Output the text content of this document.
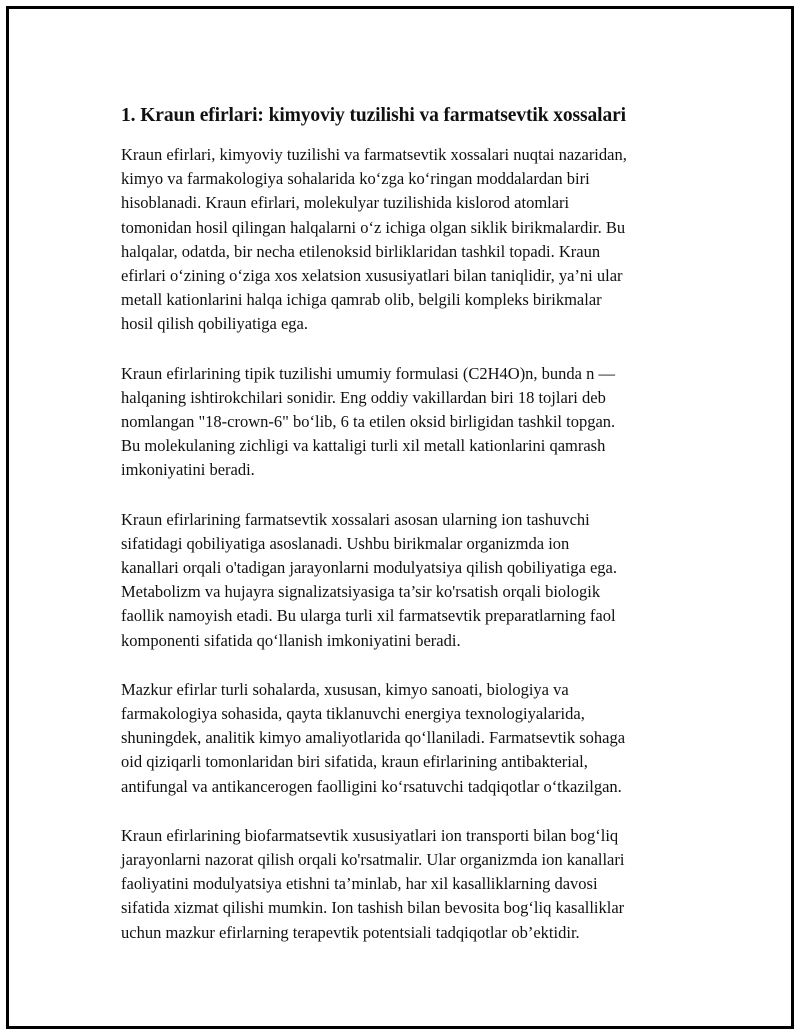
1. Kraun efirlari: kimyoviy tuzilishi va farmatsevtik xossalari

Kraun efirlari, kimyoviy tuzilishi va farmatsevtik xossalari nuqtai nazaridan,
kimyo va farmakologiya sohalarida ko‘zga ko‘ringan moddalardan biri
hisoblanadi. Kraun efirlari, molekulyar tuzilishida kislorod atomlari
tomonidan hosil qilingan halqalarni o‘z ichiga olgan siklik birikmalardir. Bu
halqalar, odatda, bir necha etilenoksid birliklaridan tashkil topadi. Kraun
efirlari o‘zining o‘ziga xos xelatsion xususiyatlari bilan taniqlidir, ya’ni ular
metall kationlarini halqa ichiga qamrab olib, belgili kompleks birikmalar
hosil qilish qobiliyatiga ega.

Kraun efirlarining tipik tuzilishi umumiy formulasi (C2H4O)n, bunda n —
halqaning ishtirokchilari sonidir. Eng oddiy vakillardan biri 18 tojlari deb
nomlangan "18-crown-6" bo‘lib, 6 ta etilen oksid birligidan tashkil topgan.
Bu molekulaning zichligi va kattaligi turli xil metall kationlarini qamrash
imkoniyatini beradi.

Kraun efirlarining farmatsevtik xossalari asosan ularning ion tashuvchi
sifatidagi qobiliyatiga asoslanadi. Ushbu birikmalar organizmda ion
kanallari orqali o'tadigan jarayonlarni modulyatsiya qilish qobiliyatiga ega.
Metabolizm va hujayra signalizatsiyasiga ta’sir ko'rsatish orqali biologik
faollik namoyish etadi. Bu ularga turli xil farmatsevtik preparatlarning faol
komponenti sifatida qo‘llanish imkoniyatini beradi.

Mazkur efirlar turli sohalarda, xususan, kimyo sanoati, biologiya va
farmakologiya sohasida, qayta tiklanuvchi energiya texnologiyalarida,
shuningdek, analitik kimyo amaliyotlarida qo‘llaniladi. Farmatsevtik sohaga
oid qiziqarli tomonlaridan biri sifatida, kraun efirlarining antibakterial,
antifungal va antikancerogen faolligini ko‘rsatuvchi tadqiqotlar o‘tkazilgan.

Kraun efirlarining biofarmatsevtik xususiyatlari ion transporti bilan bog‘liq
jarayonlarni nazorat qilish orqali ko'rsatmalir. Ular organizmda ion kanallari
faoliyatini modulyatsiya etishni ta’minlab, har xil kasalliklarning davosi
sifatida xizmat qilishi mumkin. Ion tashish bilan bevosita bog‘liq kasalliklar
uchun mazkur efirlarning terapevtik potentsiali tadqiqotlar ob’ektidir.
